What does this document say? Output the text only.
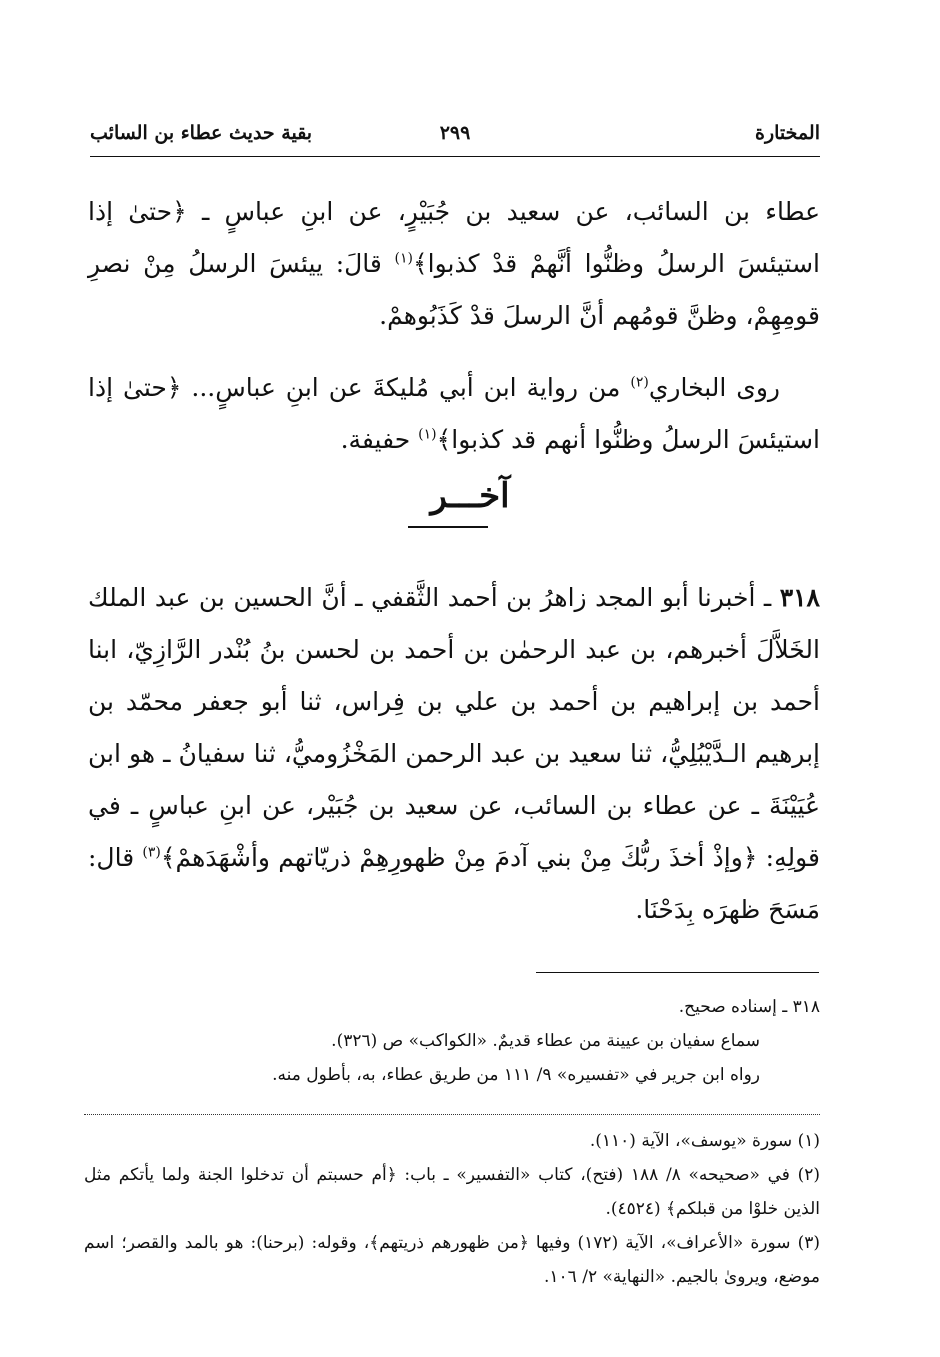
المختارة
٢٩٩
بقية حديث عطاء بن السائب
عطاء بن السائب، عن سعيد بن جُبَيْرٍ، عن ابنِ عباسٍ ـ ﴿حتىٰ إذا استيئسَ الرسلُ وظنُّوا أنَّهمْ قدْ كذبوا﴾$^{(١)}$ قالَ: ييئسَ الرسلُ مِنْ نصرِ قومِهِمْ، وظنَّ قومُهم أنَّ الرسلَ قدْ كَذَبُوهمْ.
روى البخاري$^{(٢)}$ من رواية ابن أبي مُليكةَ عن ابنِ عباسٍ... ﴿حتىٰ إذا استيئسَ الرسلُ وظنُّوا أنهم قد كذبوا﴾$^{(١)}$ حفيفة.
آخـــر
٣١٨ ـ أخبرنا أبو المجد زاهرُ بن أحمد الثَّقفي ـ أنَّ الحسين بن عبد الملك الخَلاَّلَ أخبرهم، بن عبد الرحمٰن بن أحمد بن لحسن بنُ بُنْدر الرَّازِيّ، ابنا أحمد بن إبراهيم بن أحمد بن علي بن فِراس، ثنا أبو جعفر محمّد بن إبرهيم الـدَّيْبُلِيُّ، ثنا سعيد بن عبد الرحمن المَخْزُوميُّ، ثنا سفيانُ ـ هو ابن عُيَيْنَةَ ـ عن عطاء بن السائب، عن سعيد بن جُبَيْر، عن ابنِ عباسٍ ـ في قولِهِ: ﴿وإذْ أخذَ ربُّكَ مِنْ بني آدمَ مِنْ ظهورِهِمْ ذريّاتهم وأشْهَدَهمْ﴾$^{(٣)}$ قال: مَسَحَ ظهرَه بِدَحْنَا.
٣١٨ ـ إسناده صحيح.
سماع سفيان بن عيينة من عطاء قديمٌ. «الكواكب» ص (٣٢٦).
رواه ابن جرير في «تفسيره» ٩/ ١١١ من طريق عطاء، به، بأطول منه.
(١) سورة «يوسف»، الآية (١١٠).
(٢) في «صحيحه» ٨/ ١٨٨ (فتح)، كتاب «التفسير» ـ باب: ﴿أم حسبتم أن تدخلوا الجنة ولما يأتكم مثل الذين خلوْا من قبلكم﴾ (٤٥٢٤).
(٣) سورة «الأعراف»، الآية (١٧٢) وفيها ﴿من ظهورهم ذريتهم﴾، وقوله: (برحنا): هو بالمد والقصر؛ اسم موضع، ويروىٰ بالجيم. «النهاية» ٢/ ١٠٦.
